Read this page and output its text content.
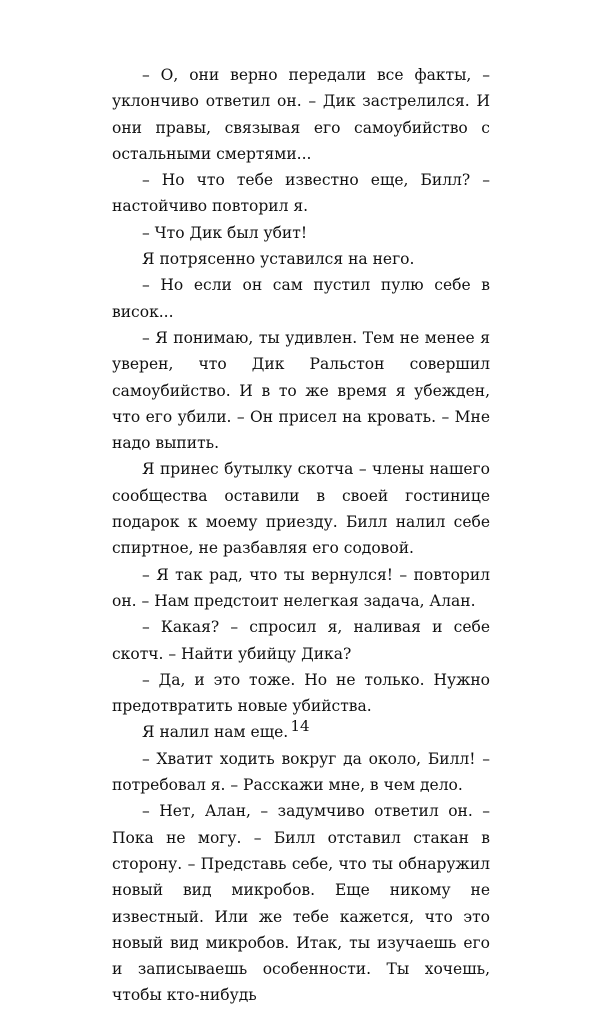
– О, они верно передали все факты, – уклончиво ответил он. – Дик застрелился. И они правы, связывая его самоубийство с остальными смертями...

– Но что тебе известно еще, Билл? – настойчиво повторил я.

– Что Дик был убит!

Я потрясенно уставился на него.

– Но если он сам пустил пулю себе в висок...

– Я понимаю, ты удивлен. Тем не менее я уверен, что Дик Ральстон совершил самоубийство. И в то же время я убежден, что его убили. – Он присел на кровать. – Мне надо выпить.

Я принес бутылку скотча – члены нашего сообщества оставили в своей гостинице подарок к моему приезду. Билл налил себе спиртное, не разбавляя его содовой.

– Я так рад, что ты вернулся! – повторил он. – Нам предстоит нелегкая задача, Алан.

– Какая? – спросил я, наливая и себе скотч. – Найти убийцу Дика?

– Да, и это тоже. Но не только. Нужно предотвратить новые убийства.

Я налил нам еще.

– Хватит ходить вокруг да около, Билл! – потребовал я. – Расскажи мне, в чем дело.

– Нет, Алан, – задумчиво ответил он. – Пока не могу. – Билл отставил стакан в сторону. – Представь себе, что ты обнаружил новый вид микробов. Еще никому не известный. Или же тебе кажется, что это новый вид микробов. Итак, ты изучаешь его и записываешь особенности. Ты хочешь, чтобы кто-нибудь

14
